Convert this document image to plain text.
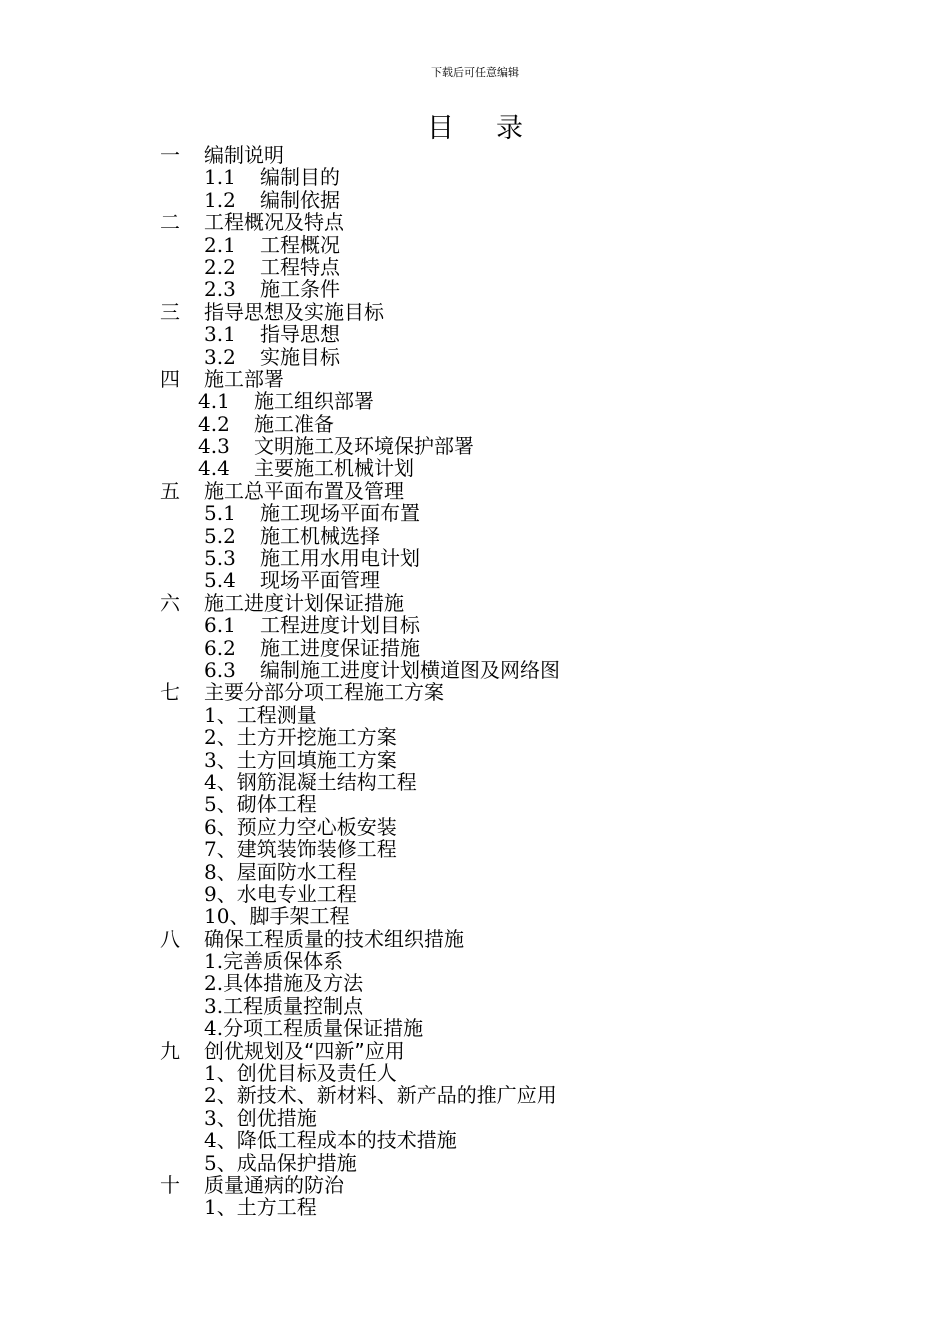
下载后可任意编辑
目 录
一 编制说明
1.1 编制目的
1.2 编制依据
二 工程概况及特点
2.1 工程概况
2.2 工程特点
2.3 施工条件
三 指导思想及实施目标
3.1 指导思想
3.2 实施目标
四 施工部署
4.1 施工组织部署
4.2 施工准备
4.3 文明施工及环境保护部署
4.4 主要施工机械计划
五 施工总平面布置及管理
5.1 施工现场平面布置
5.2 施工机械选择
5.3 施工用水用电计划
5.4 现场平面管理
六 施工进度计划保证措施
6.1 工程进度计划目标
6.2 施工进度保证措施
6.3 编制施工进度计划横道图及网络图
七 主要分部分项工程施工方案
1、工程测量
2、土方开挖施工方案
3、土方回填施工方案
4、钢筋混凝土结构工程
5、砌体工程
6、预应力空心板安装
7、建筑装饰装修工程
8、屋面防水工程
9、水电专业工程
10、脚手架工程
八 确保工程质量的技术组织措施
1.完善质保体系
2.具体措施及方法
3.工程质量控制点
4.分项工程质量保证措施
九 创优规划及“四新”应用
1、创优目标及责任人
2、新技术、新材料、新产品的推广应用
3、创优措施
4、降低工程成本的技术措施
5、成品保护措施
十 质量通病的防治
1、土方工程
